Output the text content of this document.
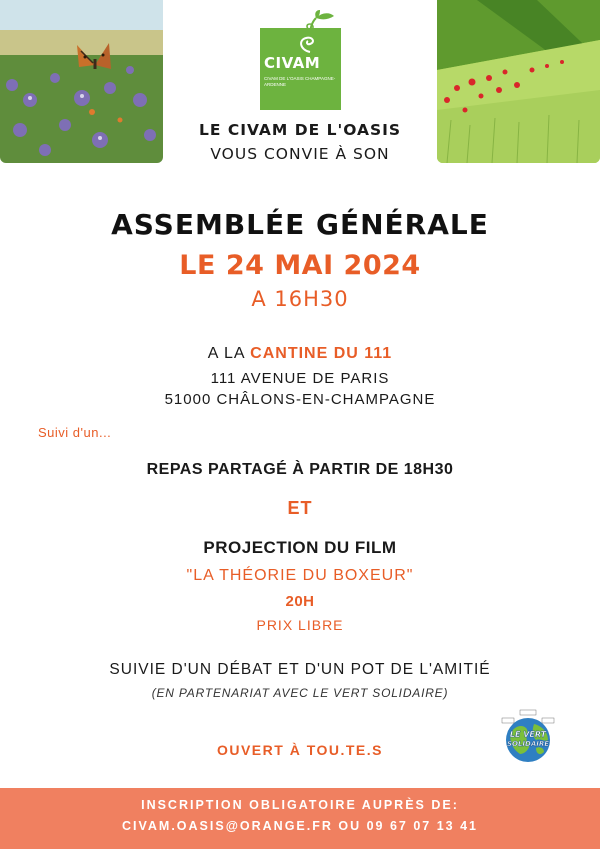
CIVAM
CIVAM DE L'OASIS CHAMPAGNE-ARDENNE
LE CIVAM DE L'OASIS
VOUS CONVIE À SON
ASSEMBLÉE GÉNÉRALE
LE 24 MAI 2024
A 16H30
A LA CANTINE DU 111
111 AVENUE DE PARIS
51000 CHÂLONS-EN-CHAMPAGNE
Suivi d'un...
REPAS PARTAGÉ À PARTIR DE 18H30
ET
PROJECTION DU FILM
"LA THÉORIE DU BOXEUR"
20H
PRIX LIBRE
SUIVIE D'UN DÉBAT ET D'UN POT DE L'AMITIÉ
(EN PARTENARIAT AVEC LE VERT SOLIDAIRE)
OUVERT À TOU.TE.S
LE VERT
SOLIDAIRE
INSCRIPTION OBLIGATOIRE AUPRÈS DE:
CIVAM.OASIS@ORANGE.FR OU 09 67 07 13 41
